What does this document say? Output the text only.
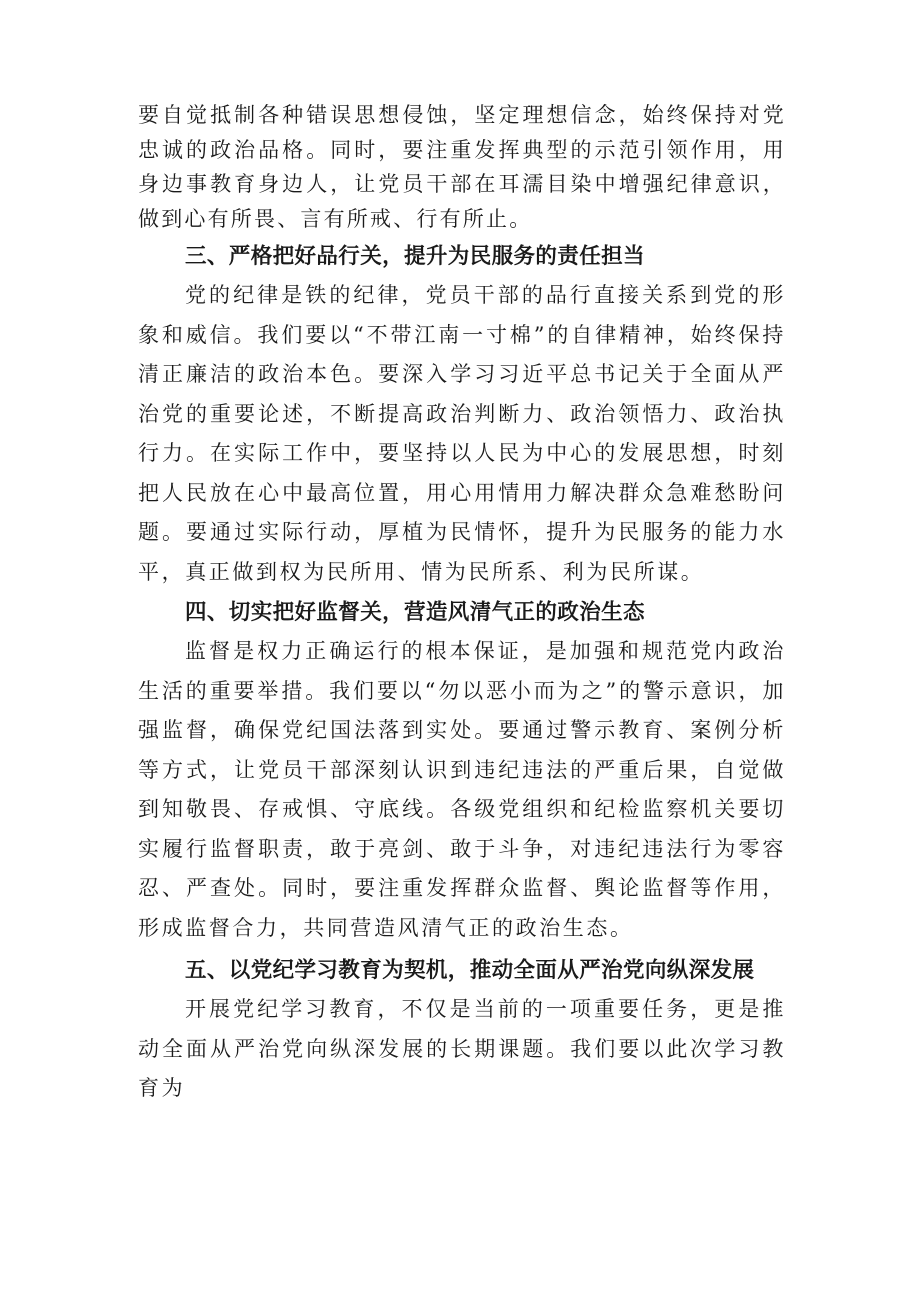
要自觉抵制各种错误思想侵蚀，坚定理想信念，始终保持对党忠诚的政治品格。同时，要注重发挥典型的示范引领作用，用身边事教育身边人，让党员干部在耳濡目染中增强纪律意识，做到心有所畏、言有所戒、行有所止。

三、严格把好品行关，提升为民服务的责任担当

党的纪律是铁的纪律，党员干部的品行直接关系到党的形象和威信。我们要以“不带江南一寸棉”的自律精神，始终保持清正廉洁的政治本色。要深入学习习近平总书记关于全面从严治党的重要论述，不断提高政治判断力、政治领悟力、政治执行力。在实际工作中，要坚持以人民为中心的发展思想，时刻把人民放在心中最高位置，用心用情用力解决群众急难愁盼问题。要通过实际行动，厚植为民情怀，提升为民服务的能力水平，真正做到权为民所用、情为民所系、利为民所谋。

四、切实把好监督关，营造风清气正的政治生态

监督是权力正确运行的根本保证，是加强和规范党内政治生活的重要举措。我们要以“勿以恶小而为之”的警示意识，加强监督，确保党纪国法落到实处。要通过警示教育、案例分析等方式，让党员干部深刻认识到违纪违法的严重后果，自觉做到知敬畏、存戒惧、守底线。各级党组织和纪检监察机关要切实履行监督职责，敢于亮剑、敢于斗争，对违纪违法行为零容忍、严查处。同时，要注重发挥群众监督、舆论监督等作用，形成监督合力，共同营造风清气正的政治生态。

五、以党纪学习教育为契机，推动全面从严治党向纵深发展

开展党纪学习教育，不仅是当前的一项重要任务，更是推动全面从严治党向纵深发展的长期课题。我们要以此次学习教育为
